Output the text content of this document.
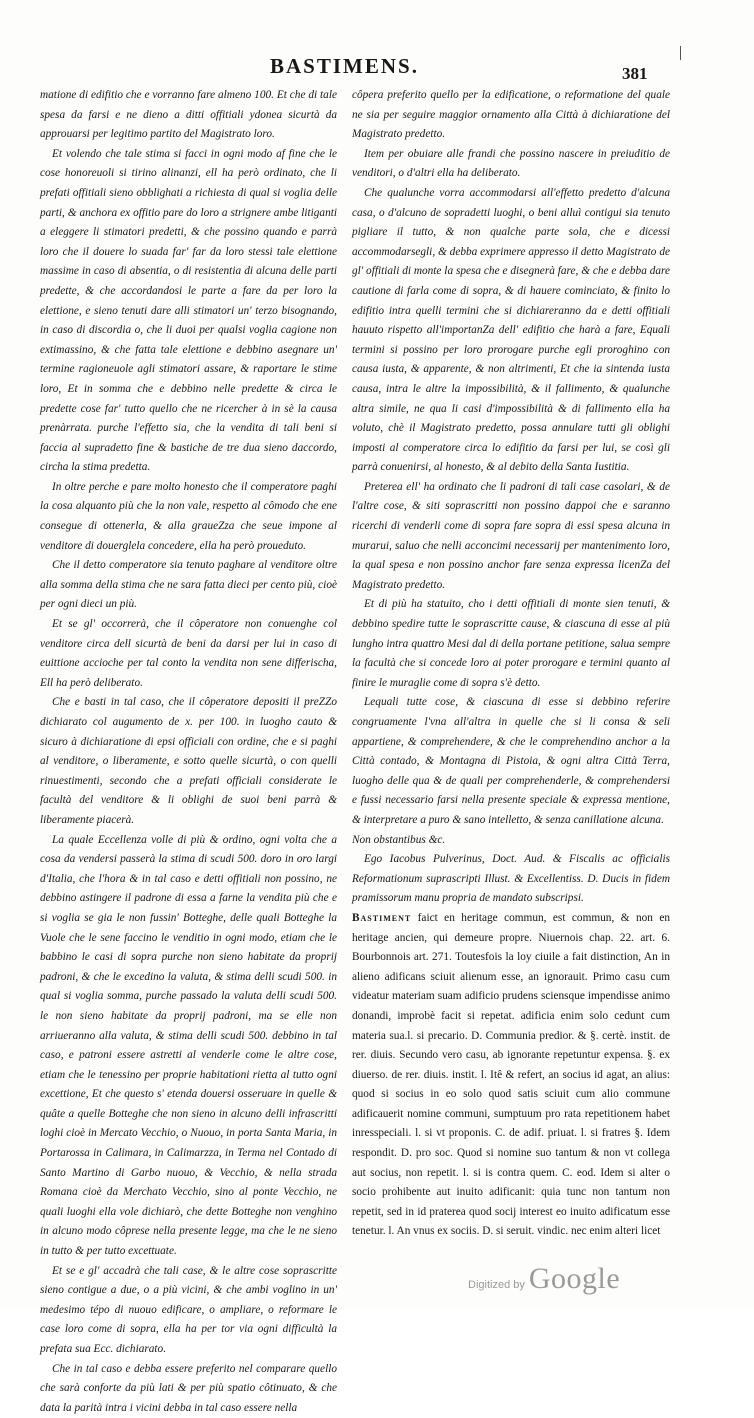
BASTIMENS.	381

matione di edifitio che e vorranno fare almeno 100. Et che di tale spesa da farsi e ne dieno a ditti offitiali ydonea sicurtà da approuarsi per legitimo partito del Magistrato loro.

Et volendo che tale stima si facci in ogni modo af fine che le cose honoreuoli si tirino alinanzi, ell ha però ordinato, che li prefati offitiali sieno obblighati a richiesta di qual si voglia delle parti, & anchora ex offitio pare do loro a strignere ambe litiganti a eleggere li stimatori predetti, & che possino quando e parrà loro che il douere lo suada far' far da loro stessi tale elettione massime in caso di absentia, o di resistentia di alcuna delle parti predette, & che accordandosi le parte a fare da per loro la elettione, e sieno tenuti dare alli stimatori un' terzo bisognando, in caso di discordia o, che li duoi per qualsi voglia cagione non extimassino, & che fatta tale elettione e debbino asegnare un' termine ragioneuole agli stimatori assare, & raportare le stime loro, Et in somma che e debbino nelle predette & circa le predette cose far' tutto quello che ne ricercher à in sè la causa prenàrrata. purche l'effetto sia, che la vendita di tali beni si faccia al supradetto fine & bastiche de tre dua sieno daccordo, circha la stima predetta.

In oltre perche e pare molto honesto che il comperatore paghi la cosa alquanto più che la non vale, respetto al cômodo che ene consegue di ottenerla, & alla graueZza che seue impone al venditore di douerglela concedere, ella ha però proueduto.

Che il detto comperatore sia tenuto paghare al venditore oltre alla somma della stima che ne sara fatta dieci per cento più, cioè per ogni dieci un più.

Et se gl' occorrerà, che il côperatore non conuenghe col venditore circa dell sicurtà de beni da darsi per lui in caso di euittione accioche per tal conto la vendita non sene differischa, Ell ha però deliberato.

Che e basti in tal caso, che il côperatore depositi il preZZo dichiarato col augumento de x. per 100. in luogho cauto & sicuro à dichiaratione di epsi officiali con ordine, che e si paghi al venditore, o liberamente, e sotto quelle sicurtà, o con quelli rinuestimenti, secondo che a prefati officiali considerate le facultà del venditore & li oblighi de suoi beni parrà & liberamente piacerà.

La quale Eccellenza volle di più & ordino, ogni volta che a cosa da vendersi passerà la stima di scudi 500. doro in oro largi d'Italia, che l'hora & in tal caso e detti offitiali non possino, ne debbino astingere il padrone di essa a farne la vendita più che e si voglia se gia le non fussin' Botteghe, delle quali Botteghe la Vuole che le sene faccino le venditio in ogni modo, etiam che le babbino le casi di sopra purche non sieno habitate da proprij padroni, & che le excedino la valuta, & stima delli scudi 500. in qual si voglia somma, purche passado la valuta delli scudi 500. le non sieno habitate da proprij padroni, ma se elle non arriueranno alla valuta, & stima delli scudi 500. debbino in tal caso, e patroni essere astretti al venderle come le altre cose, etiam che le tenessino per proprie habitationi rietta al tutto ogni excettione, Et che questo s' etenda douersi osseruare in quelle & quâte a quelle Botteghe che non sieno in alcuno delli infrascritti loghi cioè in Mercato Vecchio, o Nuouo, in porta Santa Maria, in Portarossa in Calimara, in Calimarzza, in Terma nel Contado di Santo Martino di Garbo nuouo, & Vecchio, & nella strada Romana cioè da Merchato Vecchio, sino al ponte Vecchio, ne quali luoghi ella vole dichiarò, che dette Botteghe non venghino in alcuno modo côprese nella presente legge, ma che le ne sieno in tutto & per tutto excettuate.

Et se e gl' accadrà che tali case, & le altre cose soprascritte sieno contigue a due, o a più vicini, & che ambi voglino in un' medesimo tépo di nuouo edificare, o ampliare, o reformare le case loro come di sopra, ella ha per tor via ogni difficultà la prefata sua Ecc. dichiarato.

Che in tal caso e debba essere preferito nel comparare quello che sarà conforte da più lati & per più spatio côtinuato, & che data la parità intra i vicini debba in tal caso essere nella

côpera preferito quello per la edificatione, o reformatione del quale ne sia per seguire maggior ornamento alla Città à dichiaratione del Magistrato predetto.

Item per obuiare alle frandi che possino nascere in preiuditio de venditori, o d'altri ella ha deliberato.

Che qualunche vorra accommodarsi all'effetto predetto d'alcuna casa, o d'alcuno de sopradetti luoghi, o beni alluì contigui sia tenuto pigliare il tutto, & non qualche parte sola, che e dicessi accommodarsegli, & debba exprimere appresso il detto Magistrato de gl' offitiali di monte la spesa che e disegnerà fare, & che e debba dare cautione di farla come di sopra, & di hauere cominciato, & finito lo edifitio intra quelli termini che si dichiareranno da e detti offitiali hauuto rispetto all'importanZa dell' edifitio che harà a fare, Equali termini si possino per loro prorogare purche egli proroghino con causa iusta, & apparente, & non altrimenti, Et che ia sintenda iusta causa, intra le altre la impossibilità, & il fallimento, & qualunche altra simile, ne qua li casi d'impossibilità & di fallimento ella ha voluto, chè il Magistrato predetto, possa annulare tutti gli oblighi imposti al comperatore circa lo edifitio da farsi per lui, se così gli parrà conuenirsi, al honesto, & al debito della Santa Iustitia.

Preterea ell' ha ordinato che li padroni di tali case casolari, & de l'altre cose, & siti soprascritti non possino dappoi che e saranno ricerchi di venderli come di sopra fare sopra di essi spesa alcuna in murarui, saluo che nelli acconcimi necessarij per mantenimento loro, la qual spesa e non possino anchor fare senza expressa licenZa del Magistrato predetto.

Et di più ha statuito, cho i detti offitiali di monte sien tenuti, & debbino spedire tutte le soprascritte cause, & ciascuna di esse al più lungho intra quattro Mesi dal di della portane petitione, salua sempre la facultà che si concede loro ai poter prorogare e termini quanto al finire le muraglie come di sopra s'è detto.

Lequali tutte cose, & ciascuna di esse si debbino referire congruamente l'vna all'altra in quelle che si li consa & seli appartiene, & comprehendere, & che le comprehendino anchor a la Città contado, & Montagna di Pistoia, & ogni altra Città Terra, luogho delle qua & de quali per comprehenderle, & comprehendersi e fussi necessario farsi nella presente speciale & expressa mentione, & interpretare a puro & sano intelletto, & senza canillatione alcuna.

Non obstantibus &c.

Ego Iacobus Pulverinus, Doct. Aud. & Fiscalis ac officialis Reformationum suprascripti Illust. & Excellentiss. D. Ducis in fidem pramissorum manu propria de mandato subscripsi.

Bastiment faict en heritage commun, est commun, & non en heritage ancien, qui demeure propre. Niuernois chap. 22. art. 6. Bourbonnois art. 271. Toutesfois la loy ciuile a fait distinction, An in alieno adificans sciuit alienum esse, an ignorauit. Primo casu cum videatur materiam suam adificio prudens sciensque impendisse animo donandi, improbè facit si repetat. adificia enim solo cedunt cum materia sua.l. si precario. D. Communia predior. & §. certè. instit. de rer. diuis. Secundo vero casu, ab ignorante repetuntur expensa. §. ex diuerso. de rer. diuis. instit. l. Itê & refert, an socius id agat, an alius: quod si socius in eo solo quod satis sciuit cum alio commune adificauerit nomine communi, sumptuum pro rata repetitionem habet inresspeciali. l. si vt proponis. C. de adif. priuat. l. si fratres §. Idem respondit. D. pro soc. Quod si nomine suo tantum & non vt collega aut socius, non repetit. l. si is contra quem. C. eod. Idem si alter o socio prohibente aut inuito adificanit: quia tunc non tantum non repetit, sed in id praterea quod socij interest eo inuito adificatum esse tenetur. l. An vnus ex sociis. D. si seruit. vindic. nec enim alteri licet

Digitized by Google
